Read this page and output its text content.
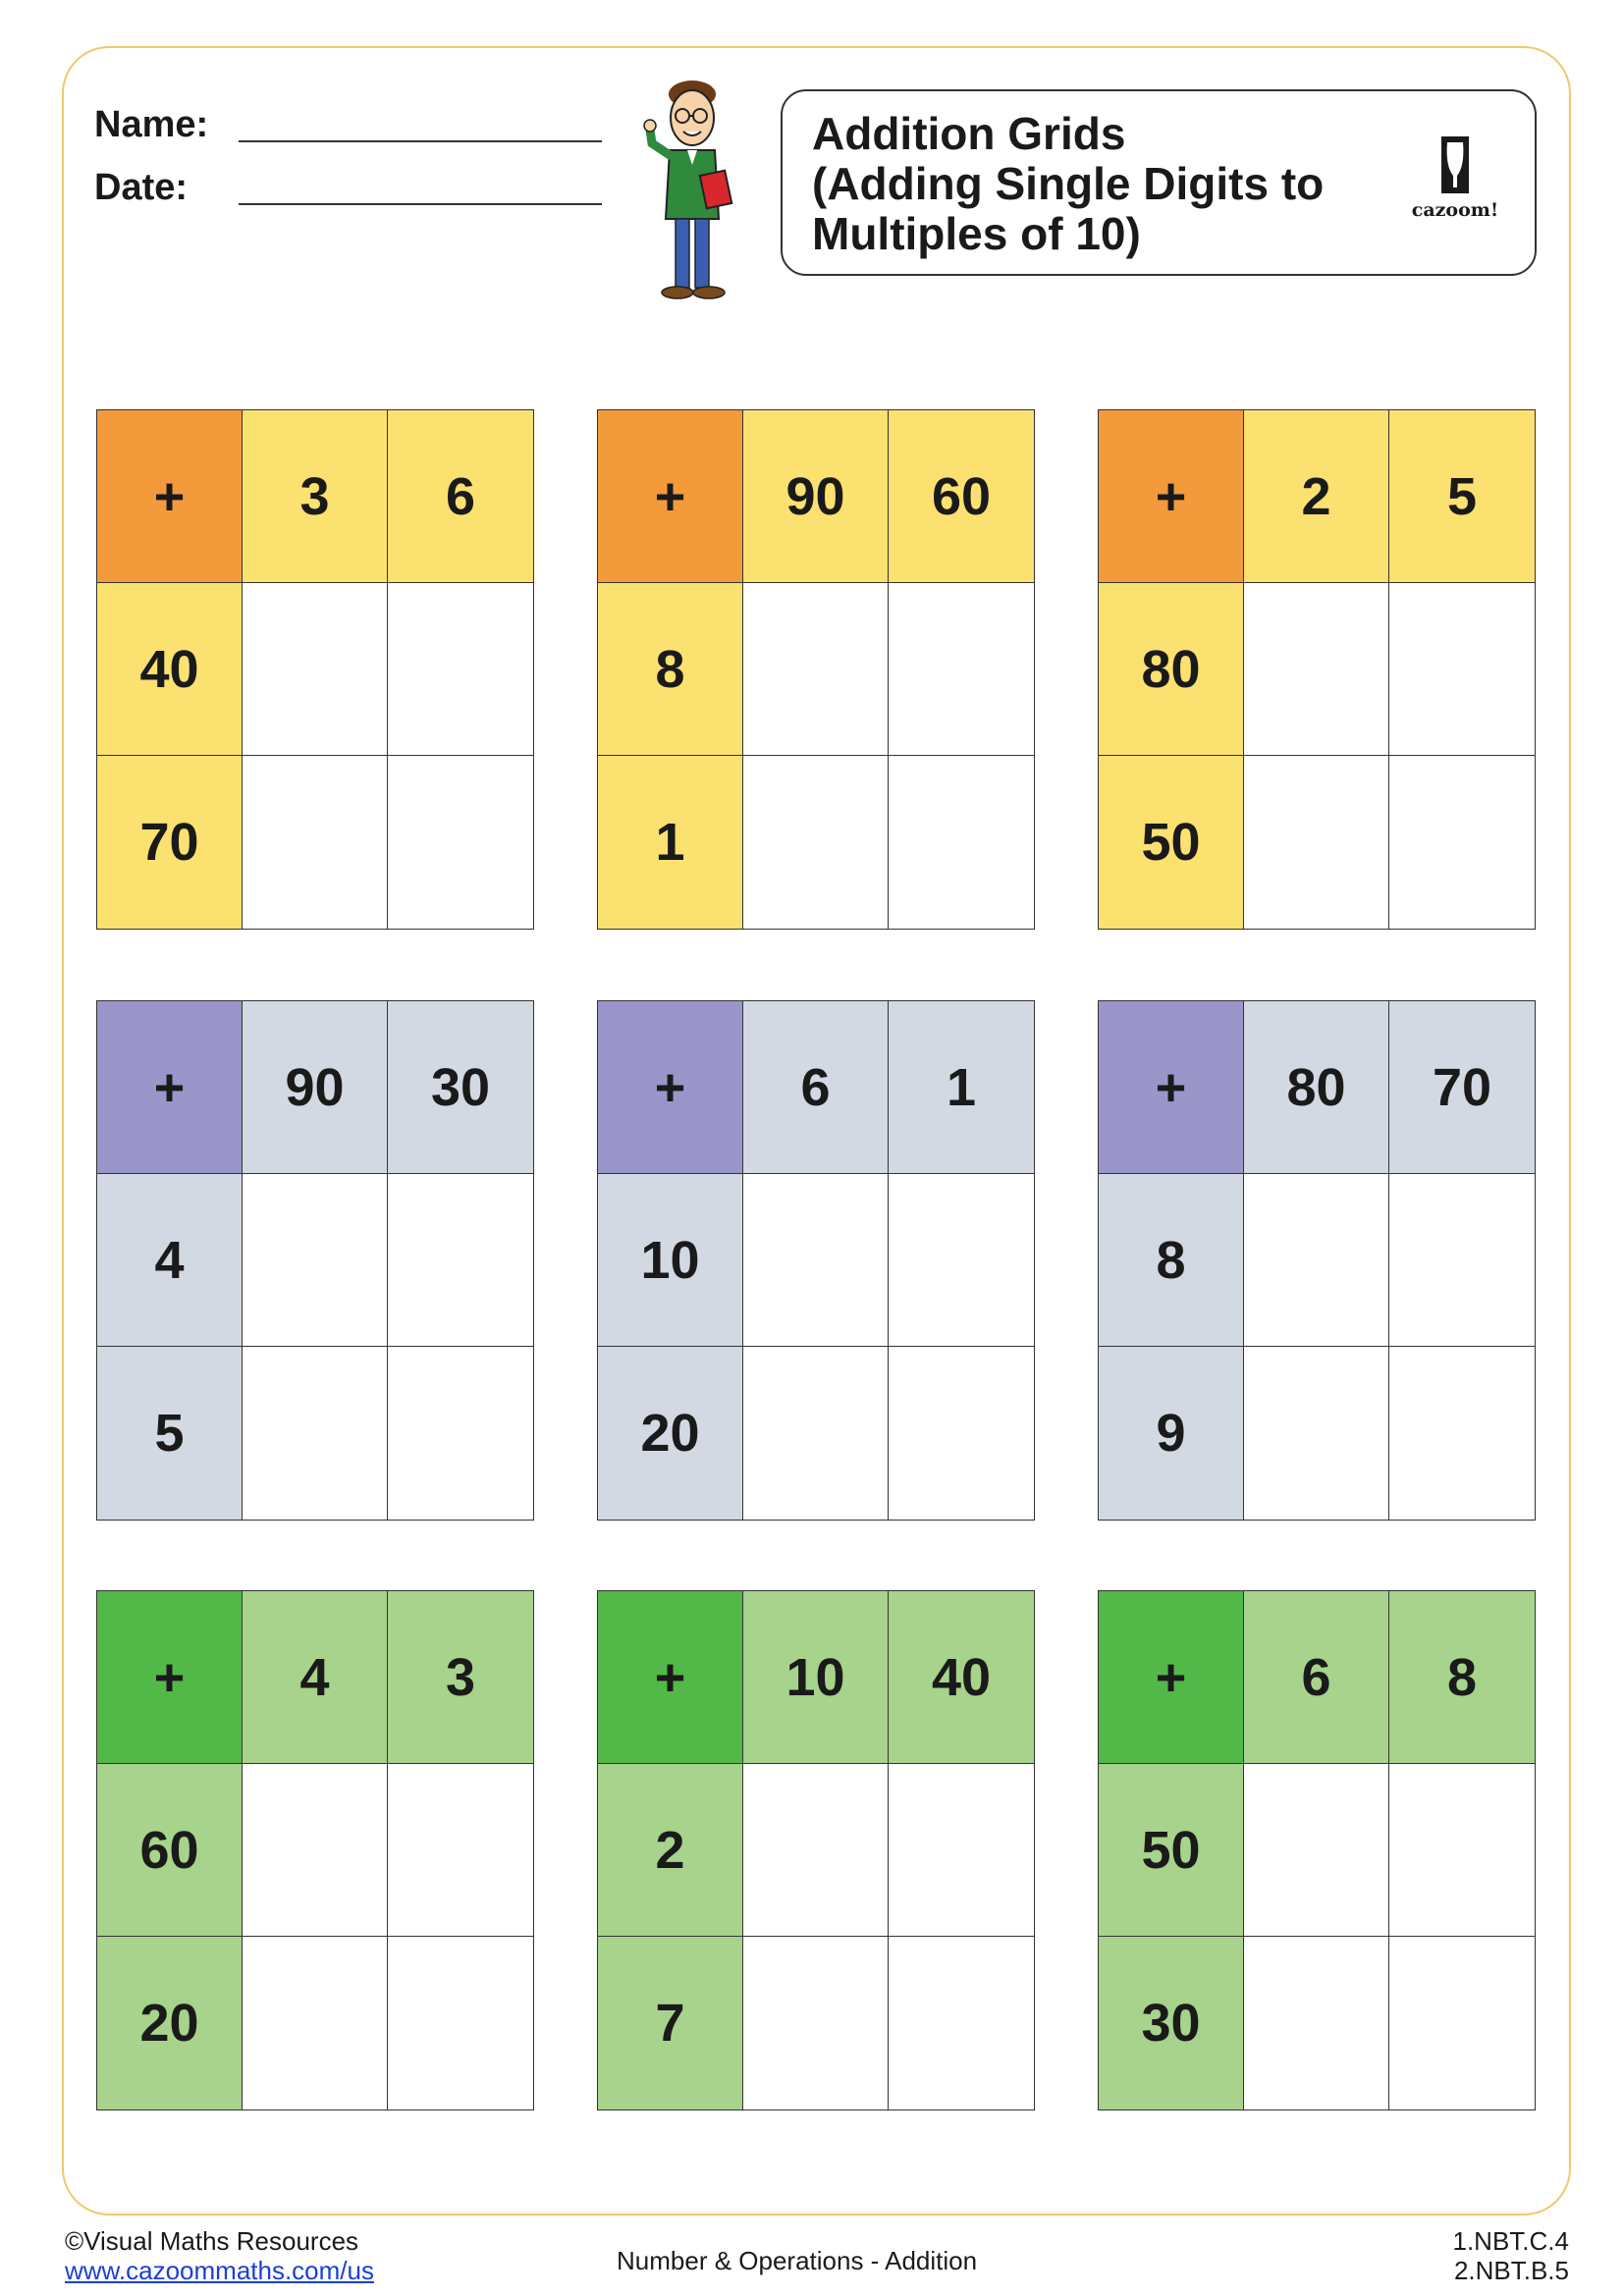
Name:
Date:
Addition Grids
(Adding Single Digits to
Multiples of 10)	cazoom!
+	3	6
40
70
+	90	60
8
1
+	2	5
80
50
+	90	30
4
5
+	6	1
10
20
+	80	70
8
9
+	4	3
60
20
+	10	40
2
7
+	6	8
50
30
©Visual Maths Resources
www.cazoommaths.com/us	Number & Operations - Addition
1.NBT.C.4
2.NBT.B.5
